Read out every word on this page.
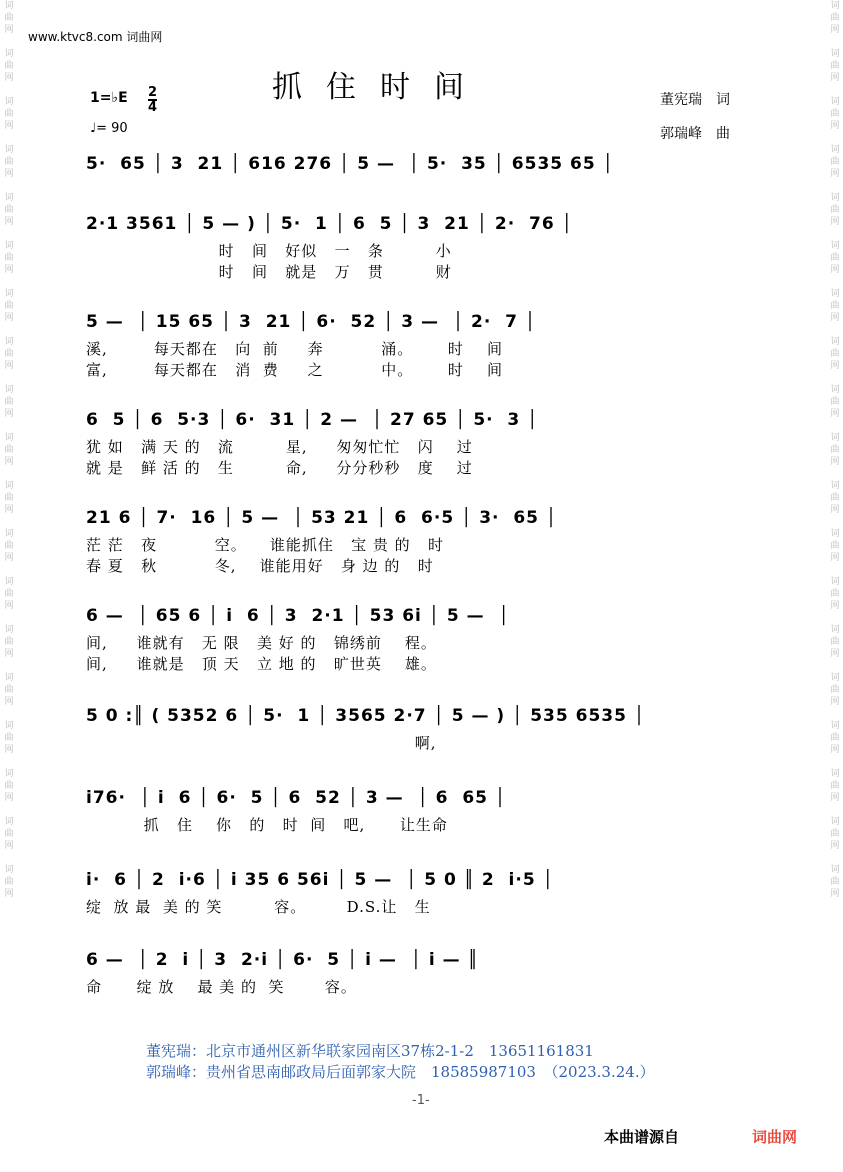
词
曲
网

词
曲
网

词
曲
网

词
曲
网

词
曲
网

词
曲
网

词
曲
网

词
曲
网

词
曲
网

词
曲
网

词
曲
网

词
曲
网

词
曲
网

词
曲
网

词
曲
网

词
曲
网

词
曲
网

词
曲
网

词
曲
网
词
曲
网

词
曲
网

词
曲
网

词
曲
网

词
曲
网

词
曲
网

词
曲
网

词
曲
网

词
曲
网

词
曲
网

词
曲
网

词
曲
网

词
曲
网

词
曲
网

词
曲
网

词
曲
网

词
曲
网

词
曲
网

词
曲
网
www.ktvc8.com 词曲网
抓住时间
1=♭E 2
4
♩= 90
董宪瑞　词
郭瑞峰　曲
5·  65 │ 3  21 │ 616 276 │ 5 —  │ 5·  35 │ 6535 65 │
2·1 3561 │ 5 — ) │ 5·  1 │ 6  5 │ 3  21 │ 2·  76 │
时   间   好似   一   条         小
时   间   就是   万   贯         财
5 —  │ 15 65 │ 3  21 │ 6·  52 │ 3 —  │ 2·  7 │
溪,        每天都在   向  前     奔          涌。      时    间
富,        每天都在   消  费     之          中。      时    间
6  5 │ 6  5·3 │ 6·  31 │ 2 —  │ 27 65 │ 5·  3 │
犹 如   满 天 的   流         星,     匆匆忙忙   闪    过
就 是   鲜 活 的   生         命,     分分秒秒   度    过
21 6 │ 7·  16 │ 5 —  │ 53 21 │ 6  6·5 │ 3·  65 │
茫 茫   夜          空。    谁能抓住   宝 贵 的   时
春 夏   秋          冬,    谁能用好   身 边 的   时
6 —  │ 65 6 │ i  6 │ 3  2·1 │ 53 6i │ 5 —  │
间,     谁就有   无 限   美 好 的   锦绣前    程。
间,     谁就是   顶 天   立 地 的   旷世英    雄。
5 0 :║ ( 5352 6 │ 5·  1 │ 3565 2·7 │ 5 — ) │ 535 6535 │
啊,
i76·  │ i  6 │ 6·  5 │ 6  52 │ 3 —  │ 6  65 │
抓   住    你   的   时  间   吧,      让生命
i·  6 │ 2  i·6 │ i 35 6 56i │ 5 —  │ 5 0 ║ 2  i·5 │
绽  放 最  美 的 笑         容。       D.S.让   生
6 —  │ 2  i │ 3  2·i │ 6·  5 │ i —  │ i — ║
命      绽 放    最 美 的  笑       容。
董宪瑞：北京市通州区新华联家园南区37栋2-1-2　13651161831
郭瑞峰：贵州省思南邮政局后面郭家大院　18585987103　（2023.3.24.）
-1-
本曲谱源自	词曲网
